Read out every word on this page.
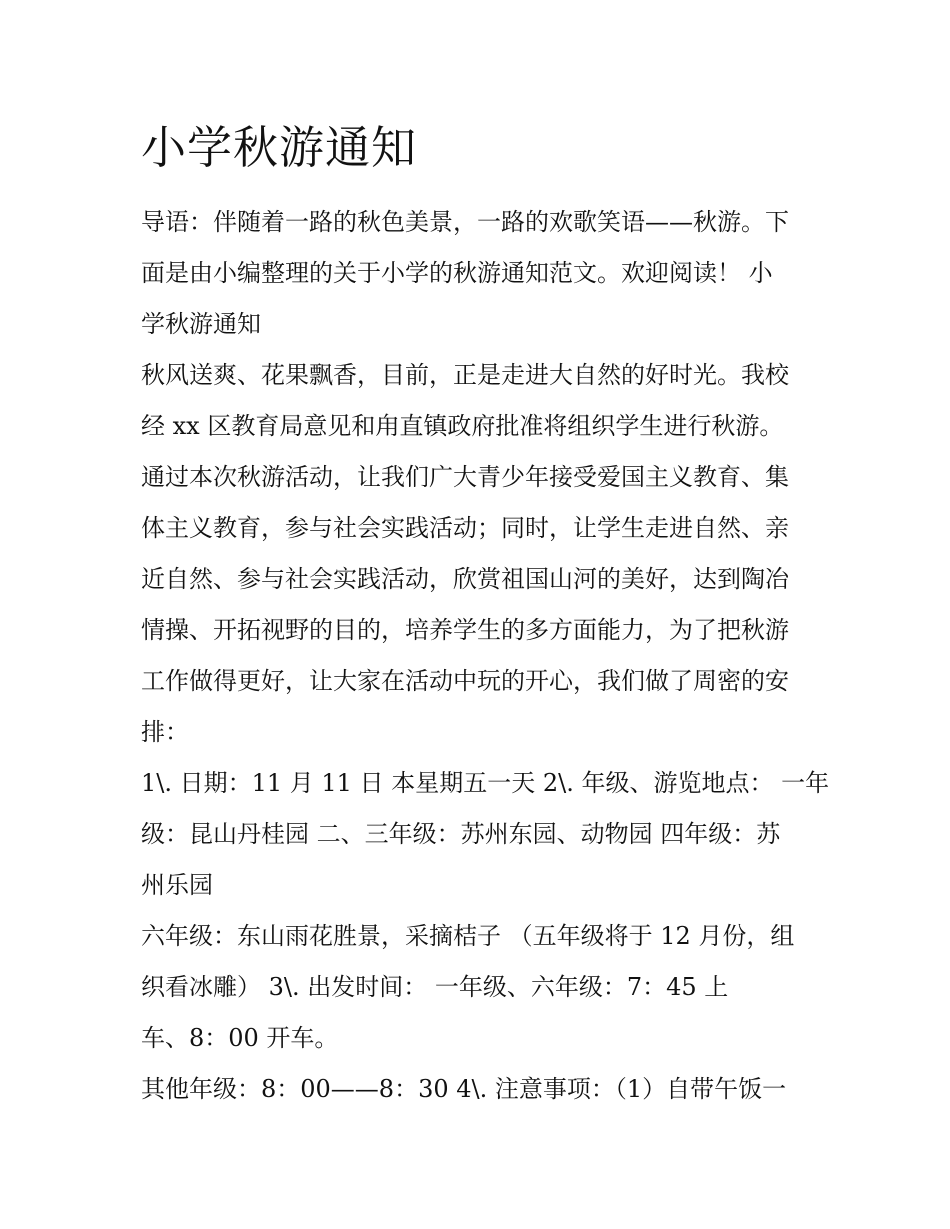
小学秋游通知

导语：伴随着一路的秋色美景，一路的欢歌笑语——秋游。下

面是由小编整理的关于小学的秋游通知范文。欢迎阅读！ 小

学秋游通知

秋风送爽、花果飘香，目前，正是走进大自然的好时光。我校

经 xx 区教育局意见和甪直镇政府批准将组织学生进行秋游。

通过本次秋游活动，让我们广大青少年接受爱国主义教育、集

体主义教育，参与社会实践活动；同时，让学生走进自然、亲

近自然、参与社会实践活动，欣赏祖国山河的美好，达到陶冶

情操、开拓视野的目的，培养学生的多方面能力，为了把秋游

工作做得更好，让大家在活动中玩的开心，我们做了周密的安

排：

1\. 日期：11 月 11 日 本星期五一天 2\. 年级、游览地点： 一年

级：昆山丹桂园 二、三年级：苏州东园、动物园 四年级：苏

州乐园

六年级：东山雨花胜景，采摘桔子 （五年级将于 12 月份，组

织看冰雕） 3\. 出发时间： 一年级、六年级：7：45 上

车、8：00 开车。

其他年级：8：00——8：30 4\. 注意事项：（1）自带午饭一
